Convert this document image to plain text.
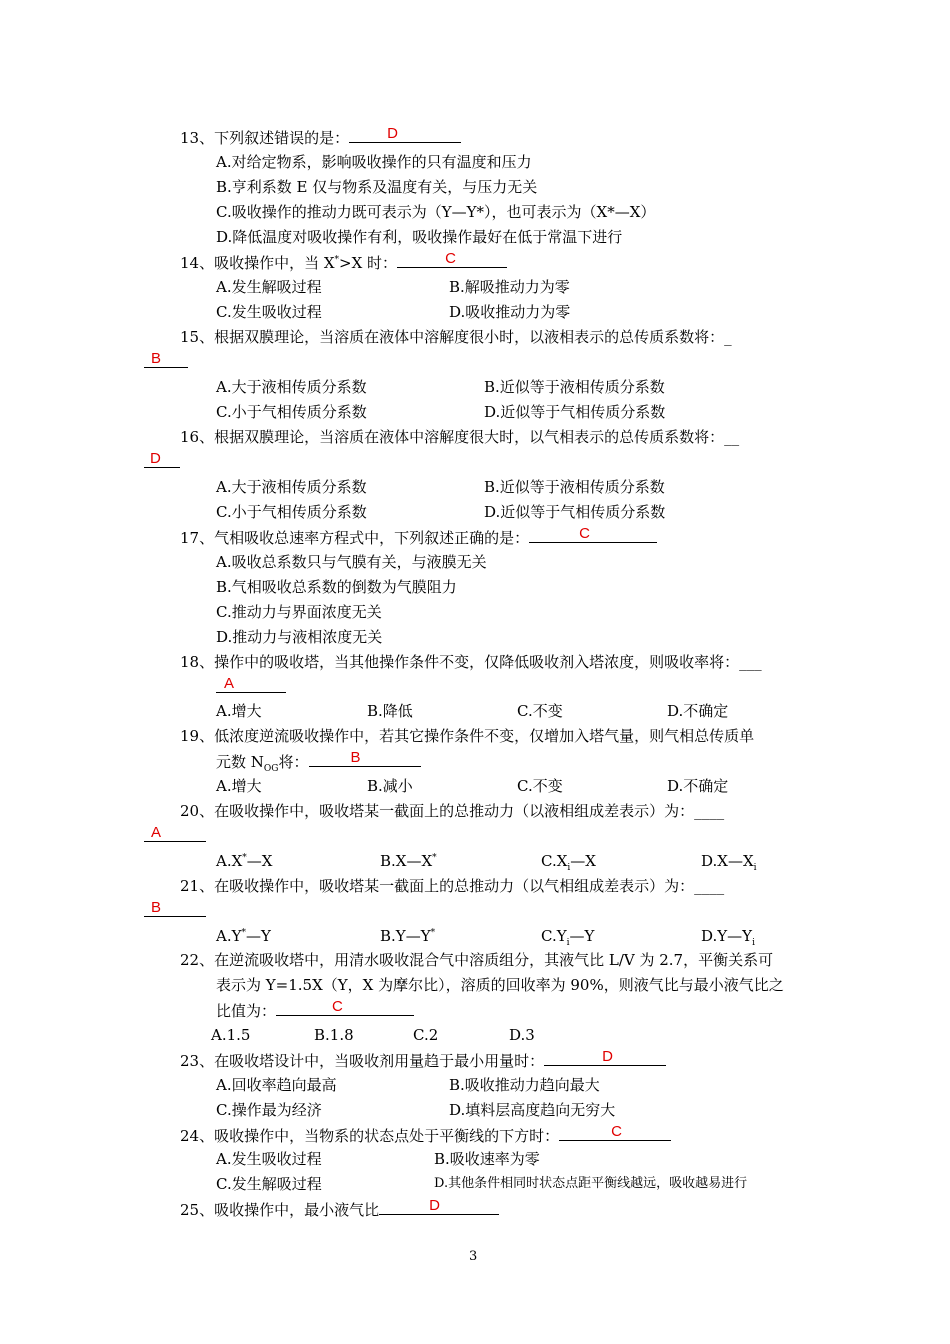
13、下列叙述错误的是：	D
A.对给定物系，影响吸收操作的只有温度和压力
B.亨利系数 E 仅与物系及温度有关，与压力无关
C.吸收操作的推动力既可表示为（Y—Y*），也可表示为（X*—X）
D.降低温度对吸收操作有利，吸收操作最好在低于常温下进行
14、吸收操作中，当 X*>X 时：	C
A.发生解吸过程	B.解吸推动力为零
C.发生吸收过程	D.吸收推动力为零
15、根据双膜理论，当溶质在液体中溶解度很小时，以液相表示的总传质系数将：_
B
A.大于液相传质分系数	B.近似等于液相传质分系数
C.小于气相传质分系数	D.近似等于气相传质分系数
16、根据双膜理论，当溶质在液体中溶解度很大时，以气相表示的总传质系数将：__
D
A.大于液相传质分系数	B.近似等于液相传质分系数
C.小于气相传质分系数	D.近似等于气相传质分系数
17、气相吸收总速率方程式中，下列叙述正确的是：	C
A.吸收总系数只与气膜有关，与液膜无关
B.气相吸收总系数的倒数为气膜阻力
C.推动力与界面浓度无关
D.推动力与液相浓度无关
18、操作中的吸收塔，当其他操作条件不变，仅降低吸收剂入塔浓度，则吸收率将：___
A
A.增大	B.降低	C.不变	D.不确定
19、低浓度逆流吸收操作中，若其它操作条件不变，仅增加入塔气量，则气相总传质单
元数 $N_{OG}$将：	B
A.增大	B.减小	C.不变	D.不确定
20、在吸收操作中，吸收塔某一截面上的总推动力（以液相组成差表示）为：____
A
A.X*—X	B.X—X*	$C.X_i—X$	$D.X—X_i$
21、在吸收操作中，吸收塔某一截面上的总推动力（以气相组成差表示）为：____
B
A.Y*—Y	B.Y—Y*	$C.Y_i—Y$	$D.Y—Y_i$
22、在逆流吸收塔中，用清水吸收混合气中溶质组分，其液气比 L/V 为 2.7，平衡关系可
表示为 Y=1.5X（Y，X 为摩尔比），溶质的回收率为 90%，则液气比与最小液气比之
比值为：	C
A.1.5	B.1.8	C.2	D.3
23、在吸收塔设计中，当吸收剂用量趋于最小用量时：	D
A.回收率趋向最高	B.吸收推动力趋向最大
C.操作最为经济	D.填料层高度趋向无穷大
24、吸收操作中，当物系的状态点处于平衡线的下方时：	C
A.发生吸收过程	B.吸收速率为零
C.发生解吸过程	D.其他条件相同时状态点距平衡线越远，吸收越易进行
25、吸收操作中，最小液气比	D
3
